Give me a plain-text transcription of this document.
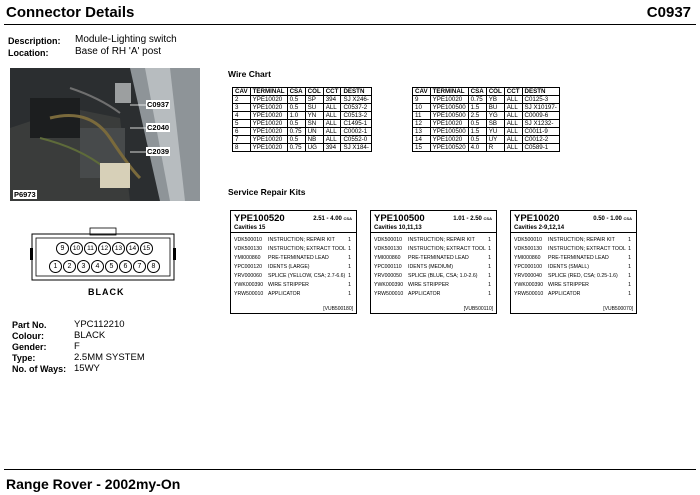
Connector Details	C0937
Description: Module-Lighting switch
Location:	Base of RH 'A' post
C0937
C2040
C2039
P6973
9	10	11	12	13	14	15
1	2	3	4	5	6	7	8
BLACK
Part No.	YPC112210
Colour:	BLACK
Gender:	F
Type:	2.5MM SYSTEM
No. of Ways: 15WY
Wire Chart
CAV	TERMINAL	CSA	COL	CCT	DESTN
2	YPE10020	0.5	SP	394	SJ X246-
3	YPE10020	0.5	SU	ALL	C0537-2
4	YPE10020	1.0	YN	ALL	C0513-2
5	YPE10020	0.5	SN	ALL	C1495-1
6	YPE10020	0.75	UN	ALL	C0002-1
7	YPE10020	0.5	NB	ALL	C0552-0
8	YPE10020	0.75	UG	394	SJ X184-
CAV	TERMINAL	CSA	COL	CCT	DESTN
9	YPE10020	0.75	YB	ALL	C0125-3
10	YPE100500	1.5	BU	ALL	SJ X10197-
11	YPE100500	2.5	YG	ALL	C0009-6
12	YPE10020	0.5	SB	ALL	SJ X1232-
13	YPE100500	1.5	YU	ALL	C0011-9
14	YPE10020	0.5	UY	ALL	C0012-2
15	YPE100520	4.0	R	ALL	C0589-1
Service Repair Kits
YPE100520	2.51 - 4.00 CSA
Cavities 15
VDK500010 INSTRUCTION; REPAIR KIT	1
VDK500130 INSTRUCTION; EXTRACT TOOL 1
YMI000860 PRE-TERMINATED LEAD	1
YPC000120 IDENTS (LARGE)	1
YRV000060 SPLICE (YELLOW, CSA; 2.7-6.6) 1
YWK000390 WIRE STRIPPER	1
YRW500010 APPLICATOR	1
[VUB500180]
YPE100500	1.01 - 2.50 CSA
Cavities 10,11,13
VDK500010 INSTRUCTION; REPAIR KIT	1
VDK500130 INSTRUCTION; EXTRACT TOOL 1
YMI000860 PRE-TERMINATED LEAD	1
YPC000110 IDENTS (MEDIUM)	1
YRV000050 SPLICE (BLUE, CSA; 1.0-2.6) 1
YWK000390 WIRE STRIPPER	1
YRW500010 APPLICATOR	1
[VUB500110]
YPE10020	0.50 - 1.00 CSA
Cavities 2-9,12,14
VDK500010 INSTRUCTION; REPAIR KIT	1
VDK500130 INSTRUCTION; EXTRACT TOOL 1
YMI000860 PRE-TERMINATED LEAD	1
YPC000100 IDENTS (SMALL)	1
YRV000040 SPLICE (RED, CSA; 0.25-1.6) 1
YWK000390 WIRE STRIPPER	1
YRW500010 APPLICATOR	1
[VUB500070]
Range Rover - 2002my-On
